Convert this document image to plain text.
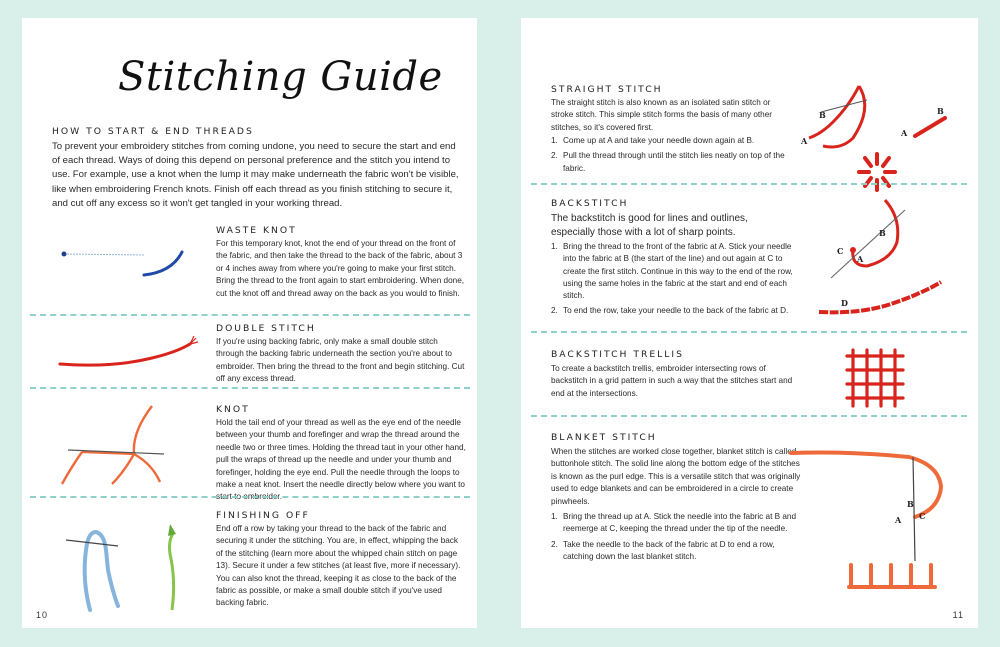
Stitching Guide
HOW TO START & END THREADS
To prevent your embroidery stitches from coming undone, you need to secure the start and end of each thread. Ways of doing this depend on personal preference and the stitch you intend to use. For example, use a knot when the lump it may make underneath the fabric won't be visible, like when embroidering French knots. Finish off each thread as you finish stitching to secure it, and cut off any excess so it won't get tangled in your working thread.
WASTE KNOT
For this temporary knot, knot the end of your thread on the front of the fabric, and then take the thread to the back of the fabric, about 3 or 4 inches away from where you're going to make your first stitch. Bring the thread to the front again to start embroidering. When done, cut the knot off and thread away on the back as you would to finish.
DOUBLE STITCH
If you're using backing fabric, only make a small double stitch through the backing fabric underneath the section you're about to embroider. Then bring the thread to the front and begin stitching. Cut off any excess thread.
KNOT
Hold the tail end of your thread as well as the eye end of the needle between your thumb and forefinger and wrap the thread around the needle two or three times. Holding the thread taut in your other hand, pull the wraps of thread up the needle and under your thumb and forefinger, holding the eye end. Pull the needle through the loops to make a neat knot. Insert the needle directly below where you want to start to embroider.
FINISHING OFF
End off a row by taking your thread to the back of the fabric and securing it under the stitching. You are, in effect, whipping the back of the stitching (learn more about the whipped chain stitch on page 13). Secure it under a few stitches (at least five, more if necessary). You can also knot the thread, keeping it as close to the back of the fabric as possible, or make a small double stitch if you've used backing fabric.
10
STRAIGHT STITCH
The straight stitch is also known as an isolated satin stitch or stroke stitch. This simple stitch forms the basis of many other stitches, so it's covered first.
1. Come up at A and take your needle down again at B.
2. Pull the thread through until the stitch lies neatly on top of the fabric.
A
B
A
B
BACKSTITCH
The backstitch is good for lines and outlines, especially those with a lot of sharp points.
1. Bring the thread to the front of the fabric at A. Stick your needle into the fabric at B (the start of the line) and out again at C to create the first stitch. Continue in this way to the end of the row, using the same holes in the fabric at the start and end of each stitch.
2. To end the row, take your needle to the back of the fabric at D.
B
C
A
D
BACKSTITCH TRELLIS
To create a backstitch trellis, embroider intersecting rows of backstitch in a grid pattern in such a way that the stitches start and end at the intersections.
BLANKET STITCH
When the stitches are worked close together, blanket stitch is called buttonhole stitch. The solid line along the bottom edge of the stitches is known as the purl edge. This is a versatile stitch that was originally used to edge blankets and can be embroidered in a circle to create pinwheels.
1. Bring the thread up at A. Stick the needle into the fabric at B and reemerge at C, keeping the thread under the tip of the needle.
2. Take the needle to the back of the fabric at D to end a row, catching down the last blanket stitch.
B
A C
11
